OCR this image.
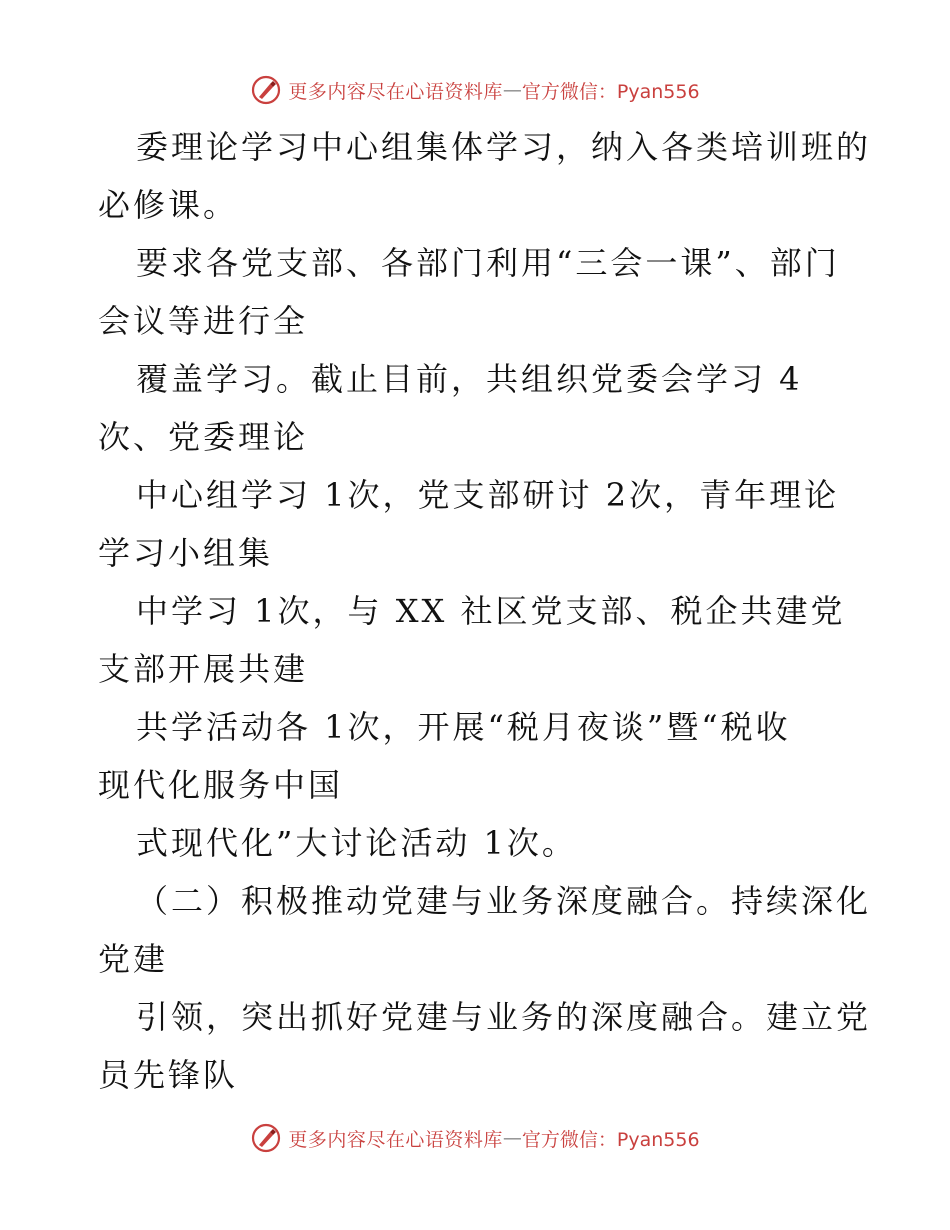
更多内容尽在心语资料库 — 官方微信：Pyan556
委理论学习中心组集体学习，纳入各类培训班的
必修课。
要求各党支部、各部门利用“三会一课”、部门
会议等进行全
覆盖学习。截止目前，共组织党委会学习 4
次、党委理论
中心组学习 1次，党支部研讨 2次，青年理论
学习小组集
中学习 1次，与 XX 社区党支部、税企共建党
支部开展共建
共学活动各 1次，开展“税月夜谈”暨“税收
现代化服务中国
式现代化”大讨论活动 1次。
（二）积极推动党建与业务深度融合。持续深化
党建
引领，突出抓好党建与业务的深度融合。建立党
员先锋队
更多内容尽在心语资料库 — 官方微信：Pyan556
